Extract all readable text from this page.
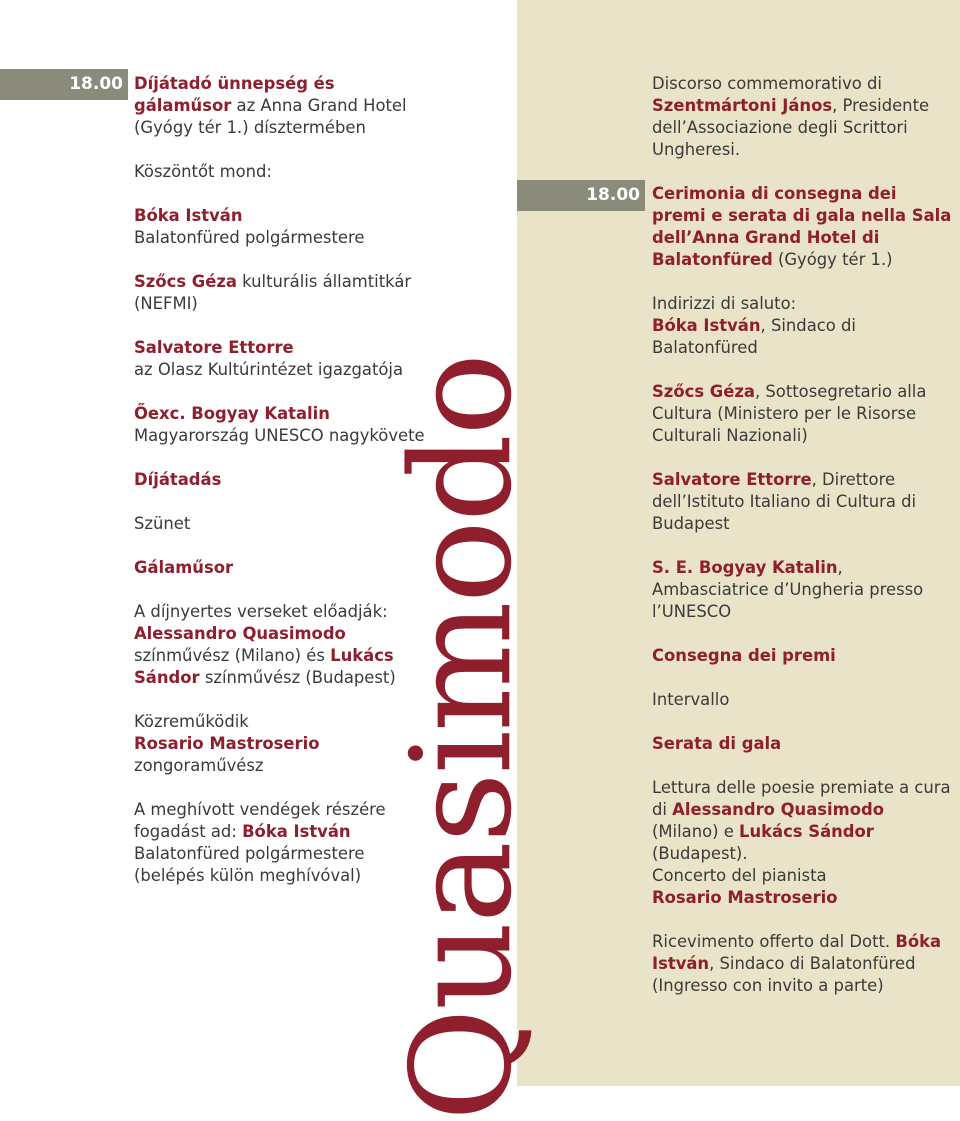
18.00 Díjátadó ünnepség és gálaműsor az Anna Grand Hotel (Gyógy tér 1.) dísztermében

Köszöntőt mond:

Bóka István
Balatonfüred polgármestere

Szőcs Géza kulturális államtitkár (NEFMI)

Salvatore Ettorre
az Olasz Kultúrintézet igazgatója

Őexc. Bogyay Katalin
Magyarország UNESCO nagykövete

Díjátadás

Szünet

Gálaműsor

A díjnyertes verseket előadják:
Alessandro Quasimodo színművész (Milano) és Lukács Sándor színművész (Budapest)

Közreműködik
Rosario Mastroserio zongoraművész

A meghívott vendégek részére fogadást ad: Bóka István
Balatonfüred polgármestere
(belépés külön meghívóval) Quasimodo

Discorso commemorativo di
Szentmártoni János, Presidente dell’Associazione degli Scrittori Ungheresi.

18.00 Cerimonia di consegna dei premi e serata di gala nella Sala dell’Anna Grand Hotel di Balatonfüred (Gyógy tér 1.)

Indirizzi di saluto:
Bóka István, Sindaco di Balatonfüred

Szőcs Géza, Sottosegretario alla Cultura (Ministero per le Risorse Culturali Nazionali)

Salvatore Ettorre, Direttore dell’Istituto Italiano di Cultura di Budapest

S. E. Bogyay Katalin, Ambasciatrice d’Ungheria presso l’UNESCO

Consegna dei premi

Intervallo

Serata di gala

Lettura delle poesie premiate a cura di Alessandro Quasimodo (Milano) e Lukács Sándor (Budapest).
Concerto del pianista
Rosario Mastroserio

Ricevimento offerto dal Dott. Bóka István, Sindaco di Balatonfüred
(Ingresso con invito a parte)
